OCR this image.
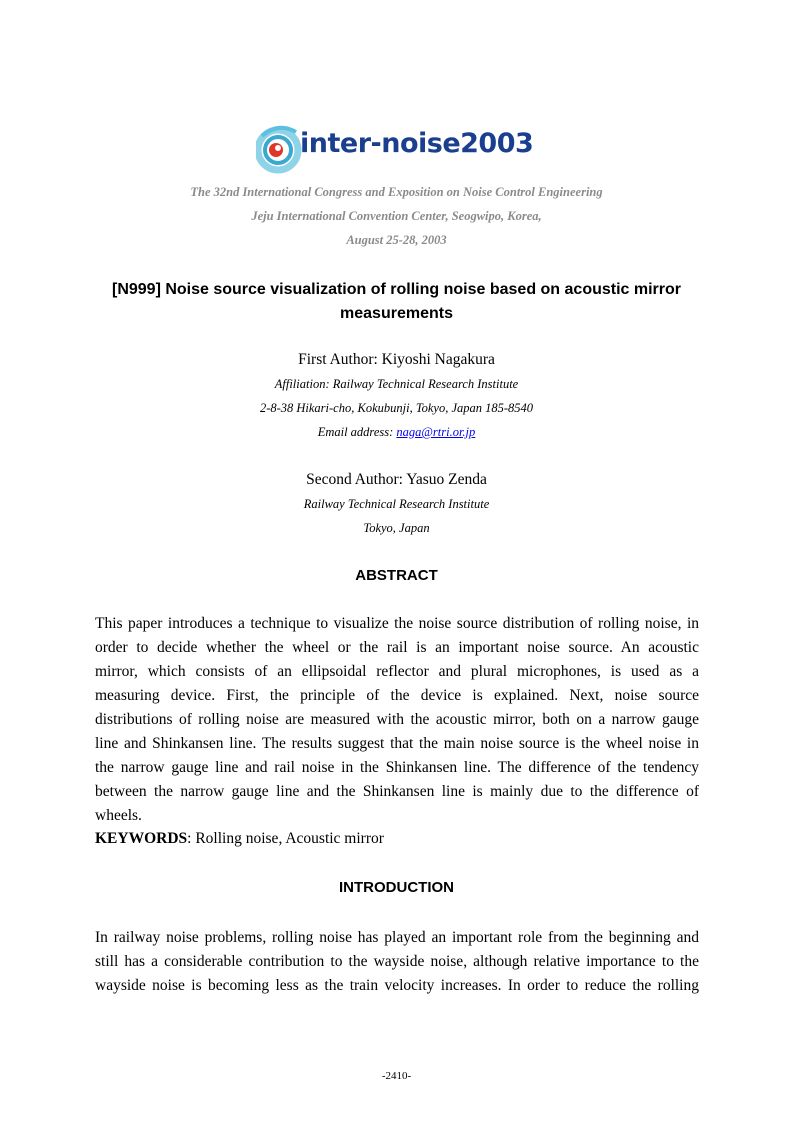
inter-noise2003
The 32nd International Congress and Exposition on Noise Control Engineering
Jeju International Convention Center, Seogwipo, Korea,
August 25-28, 2003
[N999] Noise source visualization of rolling noise based on acoustic mirror
measurements
First Author: Kiyoshi Nagakura
Affiliation: Railway Technical Research Institute
2-8-38 Hikari-cho, Kokubunji, Tokyo, Japan 185-8540
Email address: naga@rtri.or.jp
Second Author: Yasuo Zenda
Railway Technical Research Institute
Tokyo, Japan
ABSTRACT
This paper introduces a technique to visualize the noise source distribution of rolling noise, in
order to decide whether the wheel or the rail is an important noise source. An acoustic
mirror, which consists of an ellipsoidal reflector and plural microphones, is used as a
measuring device. First, the principle of the device is explained. Next, noise source
distributions of rolling noise are measured with the acoustic mirror, both on a narrow gauge
line and Shinkansen line. The results suggest that the main noise source is the wheel noise in
the narrow gauge line and rail noise in the Shinkansen line. The difference of the tendency
between the narrow gauge line and the Shinkansen line is mainly due to the difference of
wheels.
KEYWORDS: Rolling noise, Acoustic mirror
INTRODUCTION
In railway noise problems, rolling noise has played an important role from the beginning and
still has a considerable contribution to the wayside noise, although relative importance to the
wayside noise is becoming less as the train velocity increases. In order to reduce the rolling
-2410-
